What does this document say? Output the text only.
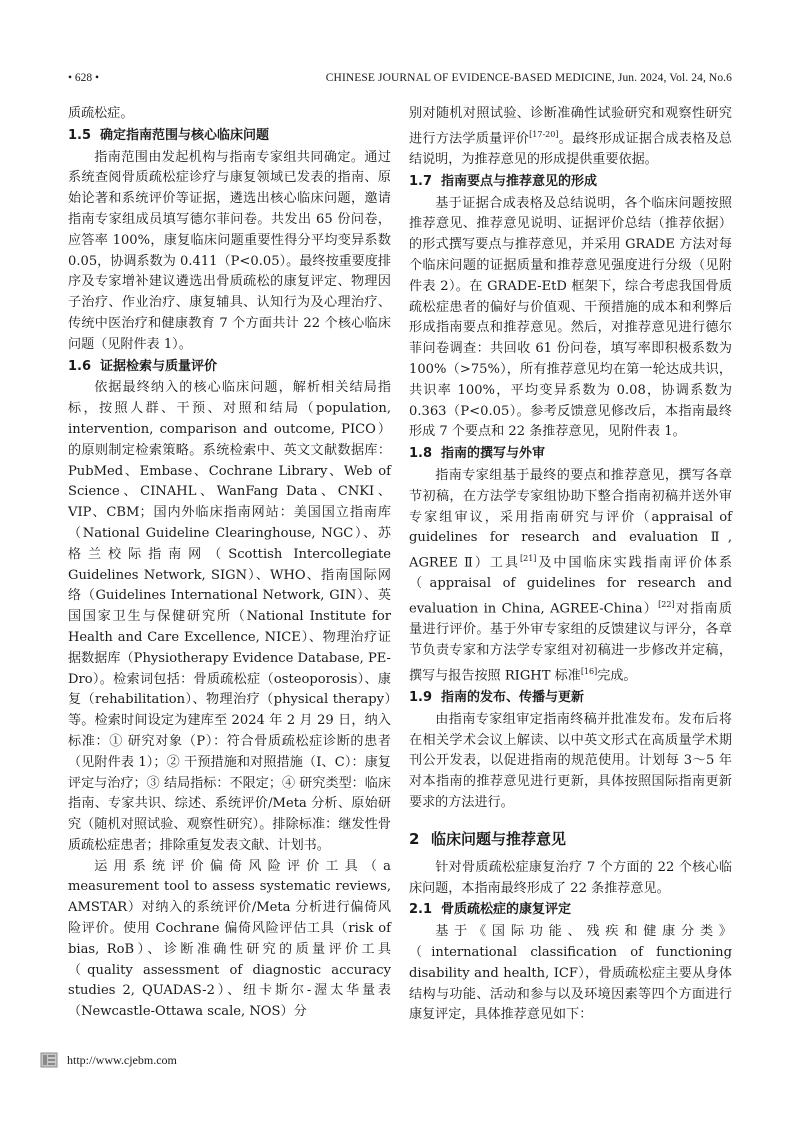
• 628 •	CHINESE JOURNAL OF EVIDENCE-BASED MEDICINE, Jun. 2024, Vol. 24, No.6

质疏松症。

1.5 确定指南范围与核心临床问题

指南范围由发起机构与指南专家组共同确定。通过系统查阅骨质疏松症诊疗与康复领域已发表的指南、原始论著和系统评价等证据，遴选出核心临床问题，邀请指南专家组成员填写德尔菲问卷。共发出 65 份问卷，应答率 100%，康复临床问题重要性得分平均变异系数 0.05，协调系数为 0.411（P<0.05）。最终按重要度排序及专家增补建议遴选出骨质疏松的康复评定、物理因子治疗、作业治疗、康复辅具、认知行为及心理治疗、传统中医治疗和健康教育 7 个方面共计 22 个核心临床问题（见附件表 1）。

1.6 证据检索与质量评价

依据最终纳入的核心临床问题，解析相关结局指标，按照人群、干预、对照和结局（population, intervention, comparison and outcome, PICO）的原则制定检索策略。系统检索中、英文文献数据库：PubMed、Embase、Cochrane Library、Web of Science、CINAHL、WanFang Data、CNKI、VIP、CBM；国内外临床指南网站：美国国立指南库（National Guideline Clearinghouse, NGC）、苏格兰校际指南网（Scottish Intercollegiate Guidelines Network, SIGN）、WHO、指南国际网络（Guidelines International Network, GIN）、英国国家卫生与保健研究所（National Institute for Health and Care Excellence, NICE）、物理治疗证据数据库（Physiotherapy Evidence Database, PE-Dro）。检索词包括：骨质疏松症（osteoporosis）、康复（rehabilitation）、物理治疗（physical therapy）等。检索时间设定为建库至 2024 年 2 月 29 日，纳入标准：① 研究对象（P）：符合骨质疏松症诊断的患者（见附件表 1）；② 干预措施和对照措施（I、C）：康复评定与治疗；③ 结局指标：不限定；④ 研究类型：临床指南、专家共识、综述、系统评价/Meta 分析、原始研究（随机对照试验、观察性研究）。排除标准：继发性骨质疏松症患者；排除重复发表文献、计划书。

运用系统评价偏倚风险评价工具（a measurement tool to assess systematic reviews, AMSTAR）对纳入的系统评价/Meta 分析进行偏倚风险评价。使用 Cochrane 偏倚风险评估工具（risk of bias, RoB）、诊断准确性研究的质量评价工具（quality assessment of diagnostic accuracy studies 2, QUADAS-2）、纽卡斯尔-渥太华量表（Newcastle-Ottawa scale, NOS）分

别对随机对照试验、诊断准确性试验研究和观察性研究进行方法学质量评价[17-20]。最终形成证据合成表格及总结说明，为推荐意见的形成提供重要依据。

1.7 指南要点与推荐意见的形成

基于证据合成表格及总结说明，各个临床问题按照推荐意见、推荐意见说明、证据评价总结（推荐依据）的形式撰写要点与推荐意见，并采用 GRADE 方法对每个临床问题的证据质量和推荐意见强度进行分级（见附件表 2）。在 GRADE-EtD 框架下，综合考虑我国骨质疏松症患者的偏好与价值观、干预措施的成本和利弊后形成指南要点和推荐意见。然后，对推荐意见进行德尔菲问卷调查：共回收 61 份问卷，填写率即积极系数为 100%（>75%），所有推荐意见均在第一轮达成共识，共识率 100%，平均变异系数为 0.08，协调系数为 0.363（P<0.05）。参考反馈意见修改后，本指南最终形成 7 个要点和 22 条推荐意见，见附件表 1。

1.8 指南的撰写与外审

指南专家组基于最终的要点和推荐意见，撰写各章节初稿，在方法学专家组协助下整合指南初稿并送外审专家组审议，采用指南研究与评价（appraisal of guidelines for research and evaluation Ⅱ, AGREE Ⅱ）工具[21]及中国临床实践指南评价体系（appraisal of guidelines for research and evaluation in China, AGREE-China）[22]对指南质量进行评价。基于外审专家组的反馈建议与评分，各章节负责专家和方法学专家组对初稿进一步修改并定稿，撰写与报告按照 RIGHT 标准[16]完成。

1.9 指南的发布、传播与更新

由指南专家组审定指南终稿并批准发布。发布后将在相关学术会议上解读、以中英文形式在高质量学术期刊公开发表，以促进指南的规范使用。计划每 3～5 年对本指南的推荐意见进行更新，具体按照国际指南更新要求的方法进行。

2 临床问题与推荐意见

针对骨质疏松症康复治疗 7 个方面的 22 个核心临床问题，本指南最终形成了 22 条推荐意见。

2.1 骨质疏松症的康复评定

基于《国际功能、残疾和健康分类》（international classification of functioning disability and health, ICF），骨质疏松症主要从身体结构与功能、活动和参与以及环境因素等四个方面进行康复评定，具体推荐意见如下：

http://www.cjebm.com
